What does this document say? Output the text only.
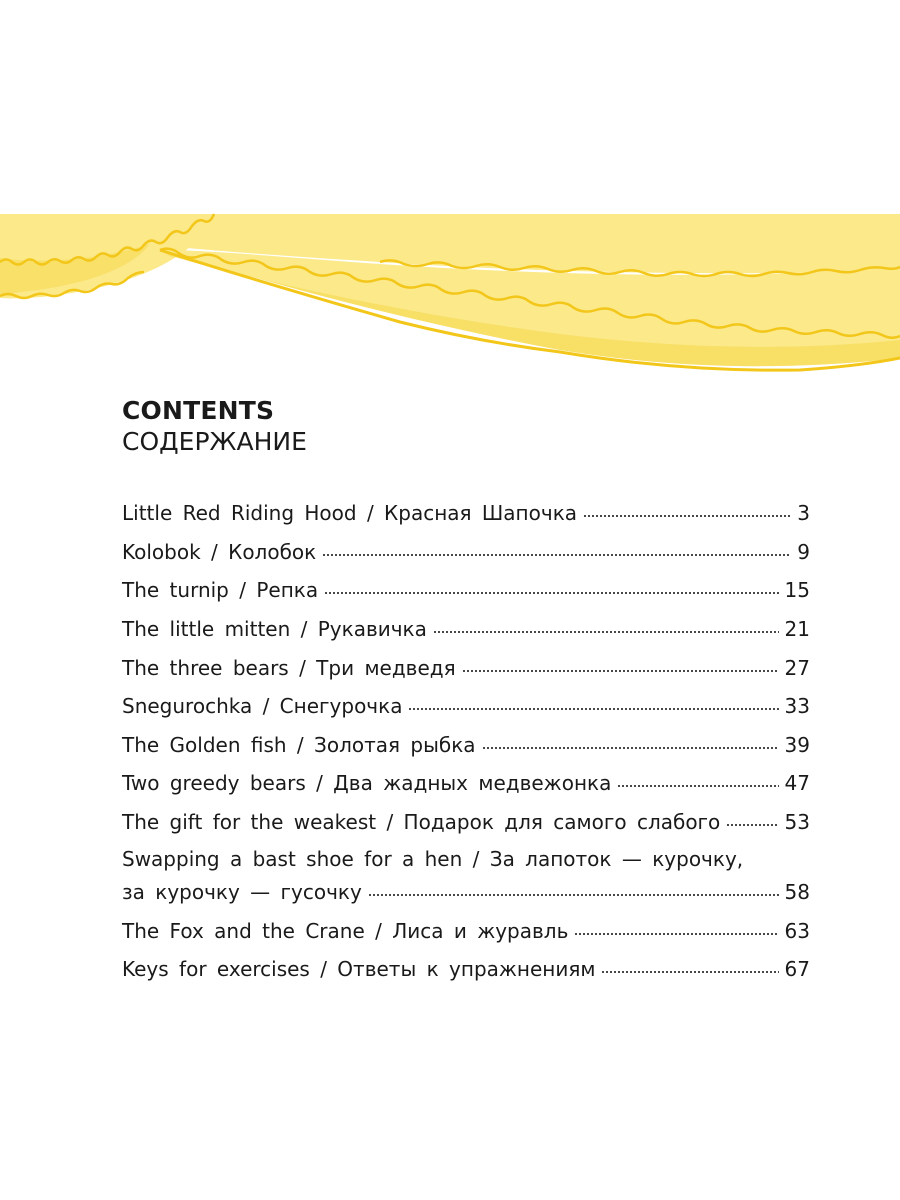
CONTENTS
СОДЕРЖАНИЕ
Little Red Riding Hood / Красная Шапочка	3
Kolobok / Колобок	9
The turnip / Репка	15
The little mitten / Рукавичка	21
The three bears / Три медведя	27
Snegurochka / Снегурочка	33
The Golden fish / Золотая рыбка	39
Two greedy bears / Два жадных медвежонка	47
The gift for the weakest / Подарок для самого слабого	53
Swapping a bast shoe for a hen / За лапоток — курочку,
за курочку — гусочку	58
The Fox and the Crane / Лиса и журавль	63
Keys for exercises / Ответы к упражнениям	67
